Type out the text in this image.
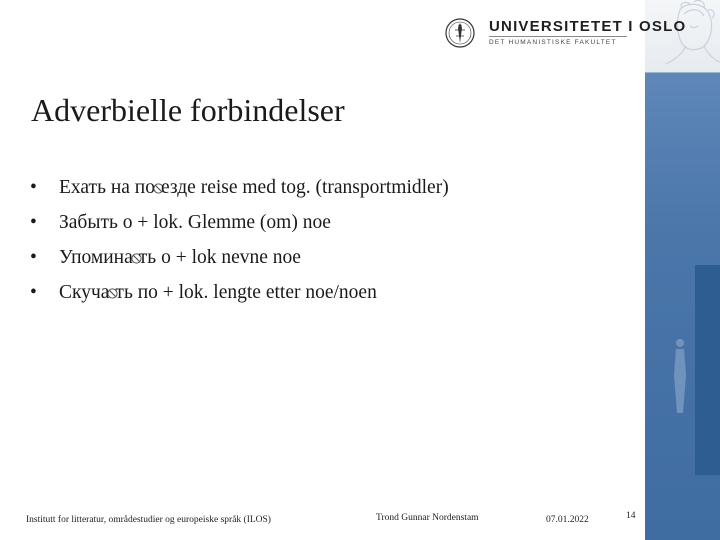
UNIVERSITETET I OSLO
DET HUMANISTISKE FAKULTET
Adverbielle forbindelser
• Ехать на по езде reise med tog. (transportmidler)
• Забыть о + lok. Glemme (om) noe
• Упомина ть о + lok nevne noe
• Скуча ть по + lok. lengte etter noe/noen
Institutt for litteratur, områdestudier og europeiske språk (ILOS)	Trond Gunnar Nordenstam	07.01.2022	14
